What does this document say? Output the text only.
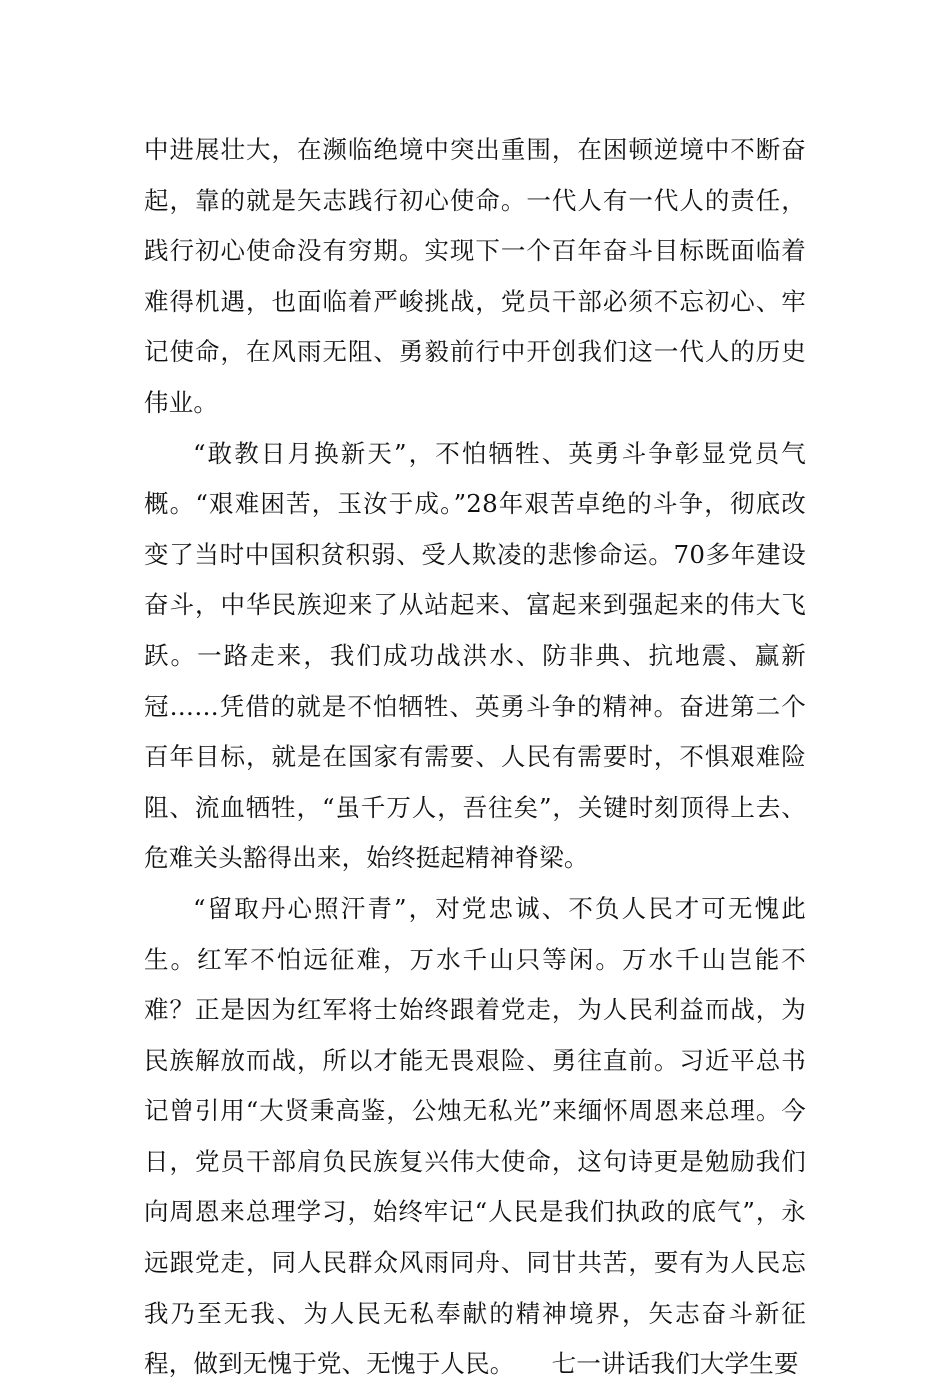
中进展壮大，在濒临绝境中突出重围，在困顿逆境中不断奋起，靠的就是矢志践行初心使命。一代人有一代人的责任，践行初心使命没有穷期。实现下一个百年奋斗目标既面临着难得机遇，也面临着严峻挑战，党员干部必须不忘初心、牢记使命，在风雨无阻、勇毅前行中开创我们这一代人的历史伟业。

“敢教日月换新天”，不怕牺牲、英勇斗争彰显党员气概。“艰难困苦，玉汝于成。”28年艰苦卓绝的斗争，彻底改变了当时中国积贫积弱、受人欺凌的悲惨命运。70多年建设奋斗，中华民族迎来了从站起来、富起来到强起来的伟大飞跃。一路走来，我们成功战洪水、防非典、抗地震、赢新冠……凭借的就是不怕牺牲、英勇斗争的精神。奋进第二个百年目标，就是在国家有需要、人民有需要时，不惧艰难险阻、流血牺牲，“虽千万人，吾往矣”，关键时刻顶得上去、危难关头豁得出来，始终挺起精神脊梁。

“留取丹心照汗青”，对党忠诚、不负人民才可无愧此生。红军不怕远征难，万水千山只等闲。万水千山岂能不难？正是因为红军将士始终跟着党走，为人民利益而战，为民族解放而战，所以才能无畏艰险、勇往直前。习近平总书记曾引用“大贤秉高鉴，公烛无私光”来缅怀周恩来总理。今日，党员干部肩负民族复兴伟大使命，这句诗更是勉励我们向周恩来总理学习，始终牢记“人民是我们执政的底气”，永远跟党走，同人民群众风雨同舟、同甘共苦，要有为人民忘我乃至无我、为人民无私奉献的精神境界，矢志奋斗新征程，做到无愧于党、无愧于人民。　　七一讲话我们大学生要
